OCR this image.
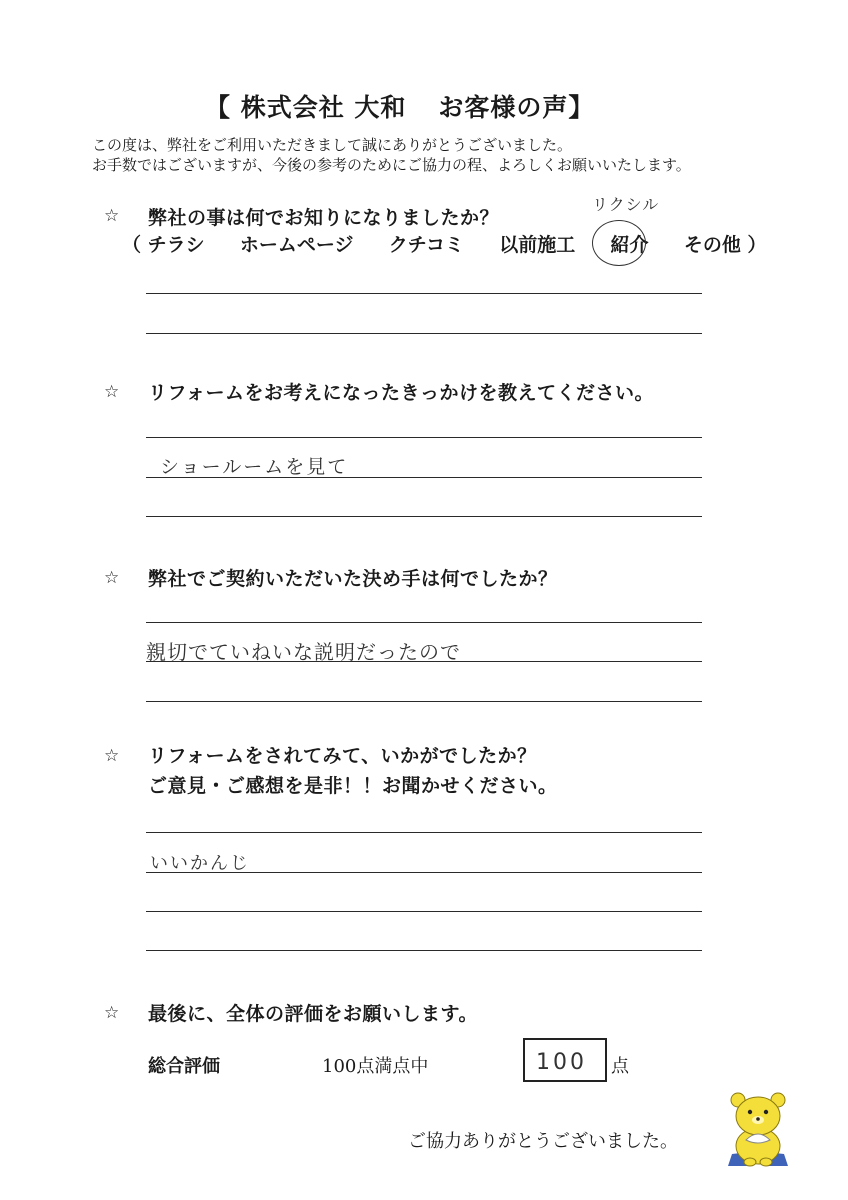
【 株式会社 大和 お客様の声】
この度は、弊社をご利用いただきまして誠にありがとうございました。
お手数ではございますが、今後の参考のためにご協力の程、よろしくお願いいたします。
☆ 弊社の事は何でお知りになりましたか？
リクシル
（ チラシ ホームページ クチコミ 以前施工 紹介 その他 ）
☆ リフォームをお考えになったきっかけを教えてください。
ショールームを見て
☆ 弊社でご契約いただいた決め手は何でしたか？
親切でていねいな説明だったので
☆ リフォームをされてみて、いかがでしたか？
ご意見・ご感想を是非！！お聞かせください。
いいかんじ
☆ 最後に、全体の評価をお願いします。
総合評価	100点満点中	100 点
ご協力ありがとうございました。
